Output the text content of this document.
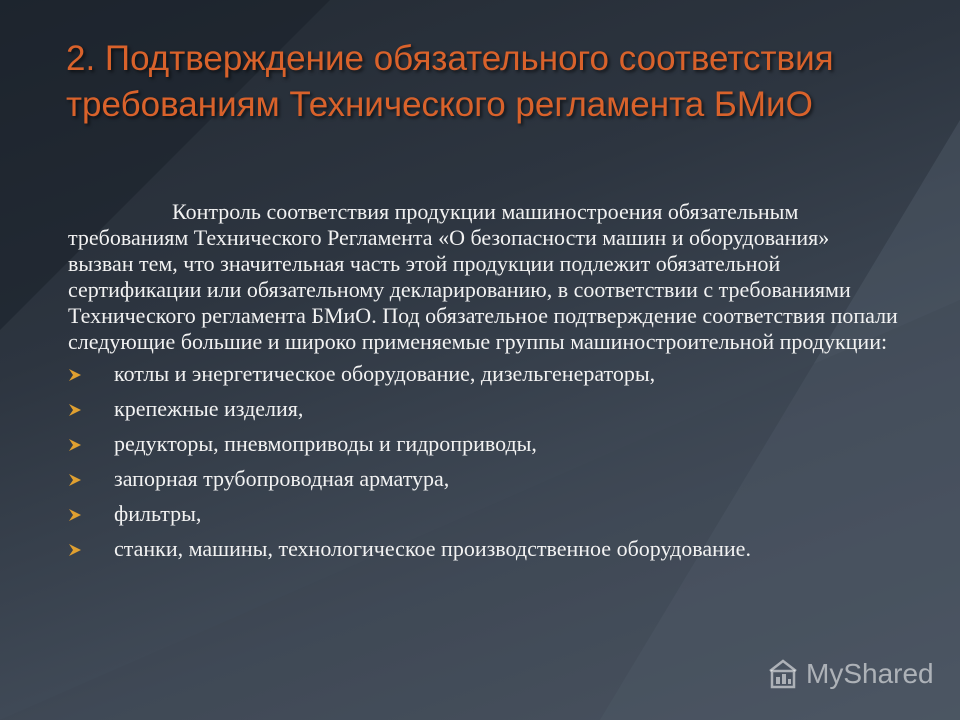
2. Подтверждение обязательного соответствия требованиям Технического регламента БМиО

Контроль соответствия продукции машиностроения обязательным требованиям Технического Регламента «О безопасности машин и оборудования» вызван тем, что значительная часть этой продукции подлежит обязательной сертификации или обязательному декларированию, в соответствии с требованиями Технического регламента БМиО. Под обязательное подтверждение соответствия попали следующие большие и широко применяемые группы машиностроительной продукции:

котлы и энергетическое оборудование, дизельгенераторы,
крепежные изделия,
редукторы, пневмоприводы и гидроприводы,
запорная трубопроводная арматура,
фильтры,
станки, машины, технологическое производственное оборудование.
MyShared
